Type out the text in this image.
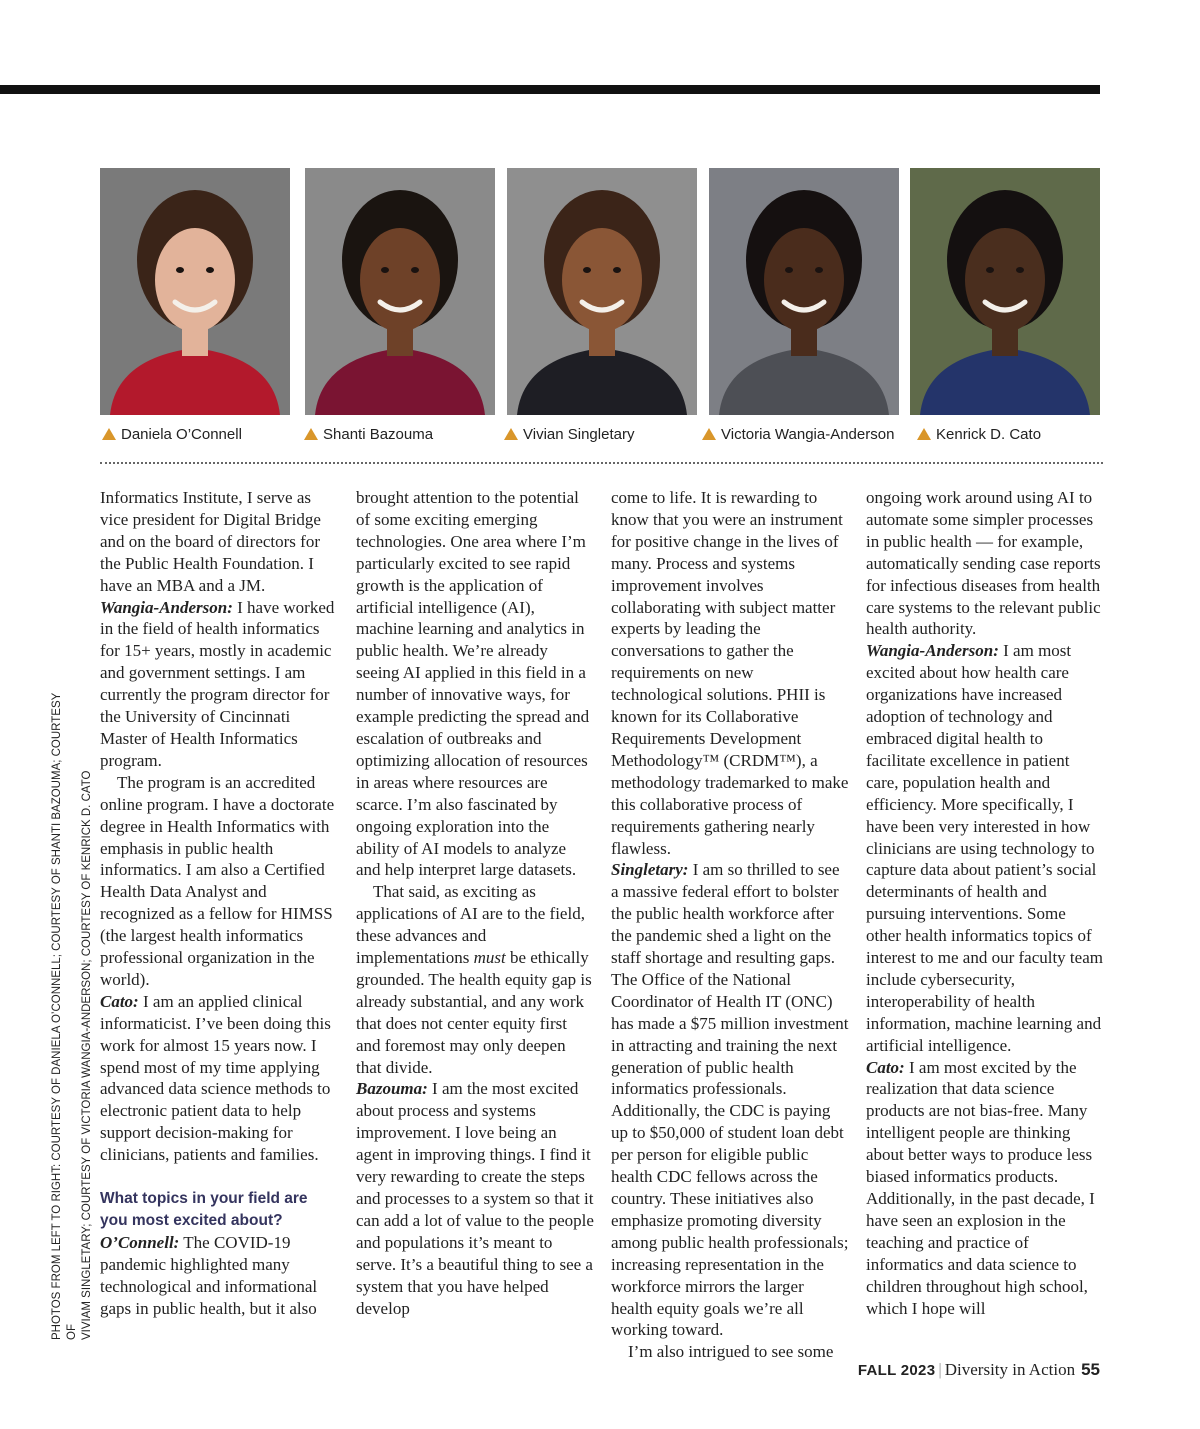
Daniela O’Connell	Shanti Bazouma	Vivian Singletary	Victoria Wangia-Anderson	Kenrick D. Cato
PHOTOS FROM LEFT TO RIGHT: COURTESY OF DANIELA O’CONNELL; COURTESY OF SHANTI BAZOUMA; COURTESY OF VIVIAM SINGLETARY; COURTESY OF VICTORIA WANGIA-ANDERSON; COURTESY OF KENRICK D. CATO

Informatics Institute, I serve as vice president for Digital Bridge and on the board of directors for the Public Health Foundation. I have an MBA and a JM.

Wangia-Anderson: I have worked in the field of health informatics for 15+ years, mostly in academic and government settings. I am currently the program director for the University of Cincinnati Master of Health Informatics program.

The program is an accredited online program. I have a doctorate degree in Health Informatics with emphasis in public health informatics. I am also a Certified Health Data Analyst and recognized as a fellow for HIMSS (the largest health informatics professional organization in the world).

Cato: I am an applied clinical informaticist. I’ve been doing this work for almost 15 years now. I spend most of my time applying advanced data science methods to electronic patient data to help support decision-making for clinicians, patients and families.

What topics in your field are you most excited about?

O’Connell: The COVID-19 pandemic highlighted many technological and informational gaps in public health, but it also

brought attention to the potential of some exciting emerging technologies. One area where I’m particularly excited to see rapid growth is the application of artificial intelligence (AI), machine learning and analytics in public health. We’re already seeing AI applied in this field in a number of innovative ways, for example predicting the spread and escalation of outbreaks and optimizing allocation of resources in areas where resources are scarce. I’m also fascinated by ongoing exploration into the ability of AI models to analyze and help interpret large datasets.

That said, as exciting as applications of AI are to the field, these advances and implementations must be ethically grounded. The health equity gap is already substantial, and any work that does not center equity first and foremost may only deepen that divide.

Bazouma: I am the most excited about process and systems improvement. I love being an agent in improving things. I find it very rewarding to create the steps and processes to a system so that it can add a lot of value to the people and populations it’s meant to serve. It’s a beautiful thing to see a system that you have helped develop

come to life. It is rewarding to know that you were an instrument for positive change in the lives of many. Process and systems improvement involves collaborating with subject matter experts by leading the conversations to gather the requirements on new technological solutions. PHII is known for its Collaborative Requirements Development Methodology™ (CRDM™), a methodology trademarked to make this collaborative process of requirements gathering nearly flawless.

Singletary: I am so thrilled to see a massive federal effort to bolster the public health workforce after the pandemic shed a light on the staff shortage and resulting gaps. The Office of the National Coordinator of Health IT (ONC) has made a $75 million investment in attracting and training the next generation of public health informatics professionals. Additionally, the CDC is paying up to $50,000 of student loan debt per person for eligible public health CDC fellows across the country. These initiatives also emphasize promoting diversity among public health professionals; increasing representation in the workforce mirrors the larger health equity goals we’re all working toward.

I’m also intrigued to see some

ongoing work around using AI to automate some simpler processes in public health — for example, automatically sending case reports for infectious diseases from health care systems to the relevant public health authority.

Wangia-Anderson: I am most excited about how health care organizations have increased adoption of technology and embraced digital health to facilitate excellence in patient care, population health and efficiency. More specifically, I have been very interested in how clinicians are using technology to capture data about patient’s social determinants of health and pursuing interventions. Some other health informatics topics of interest to me and our faculty team include cybersecurity, interoperability of health information, machine learning and artificial intelligence.

Cato: I am most excited by the realization that data science products are not bias-free. Many intelligent people are thinking about better ways to produce less biased informatics products. Additionally, in the past decade, I have seen an explosion in the teaching and practice of informatics and data science to children throughout high school, which I hope will

FALL 2023 | Diversity in Action 55
